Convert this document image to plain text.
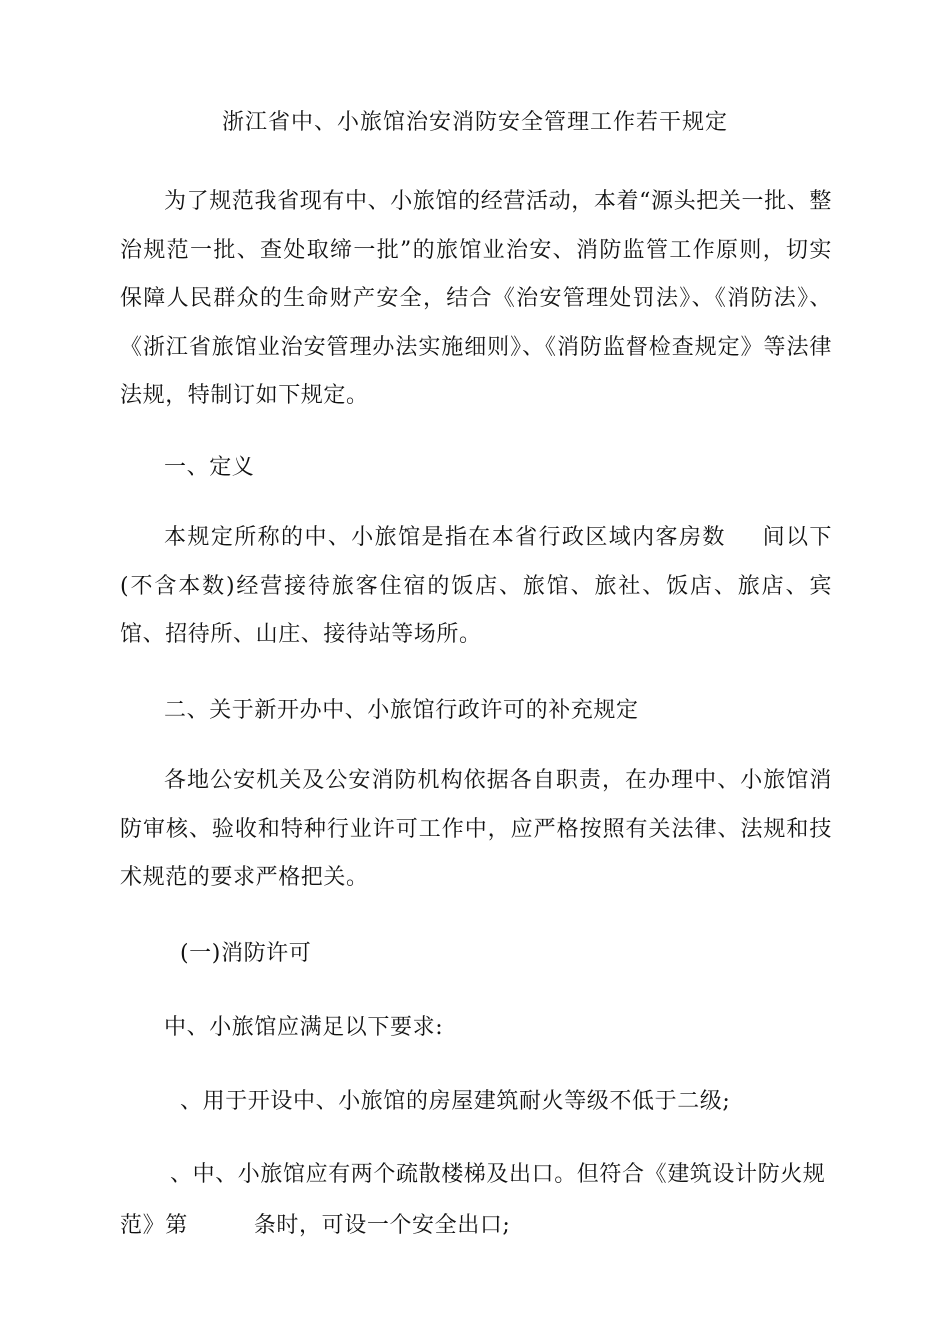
浙江省中、小旅馆治安消防安全管理工作若干规定
为了规范我省现有中、小旅馆的经营活动，本着“源头把关一批、整治规范一批、查处取缔一批”的旅馆业治安、消防监管工作原则，切实保障人民群众的生命财产安全，结合《治安管理处罚法》、《消防法》、《浙江省旅馆业治安管理办法实施细则》、《消防监督检查规定》等法律法规，特制订如下规定。
一、定义
本规定所称的中、小旅馆是指在本省行政区域内客房数 间以下(不含本数)经营接待旅客住宿的饭店、旅馆、旅社、饭店、旅店、宾馆、招待所、山庄、接待站等场所。
二、关于新开办中、小旅馆行政许可的补充规定
各地公安机关及公安消防机构依据各自职责，在办理中、小旅馆消防审核、验收和特种行业许可工作中，应严格按照有关法律、法规和技术规范的要求严格把关。
(一)消防许可
中、小旅馆应满足以下要求:
、用于开设中、小旅馆的房屋建筑耐火等级不低于二级;
、中、小旅馆应有两个疏散楼梯及出口。但符合《建筑设计防火规
范》第	条时，可设一个安全出口;
